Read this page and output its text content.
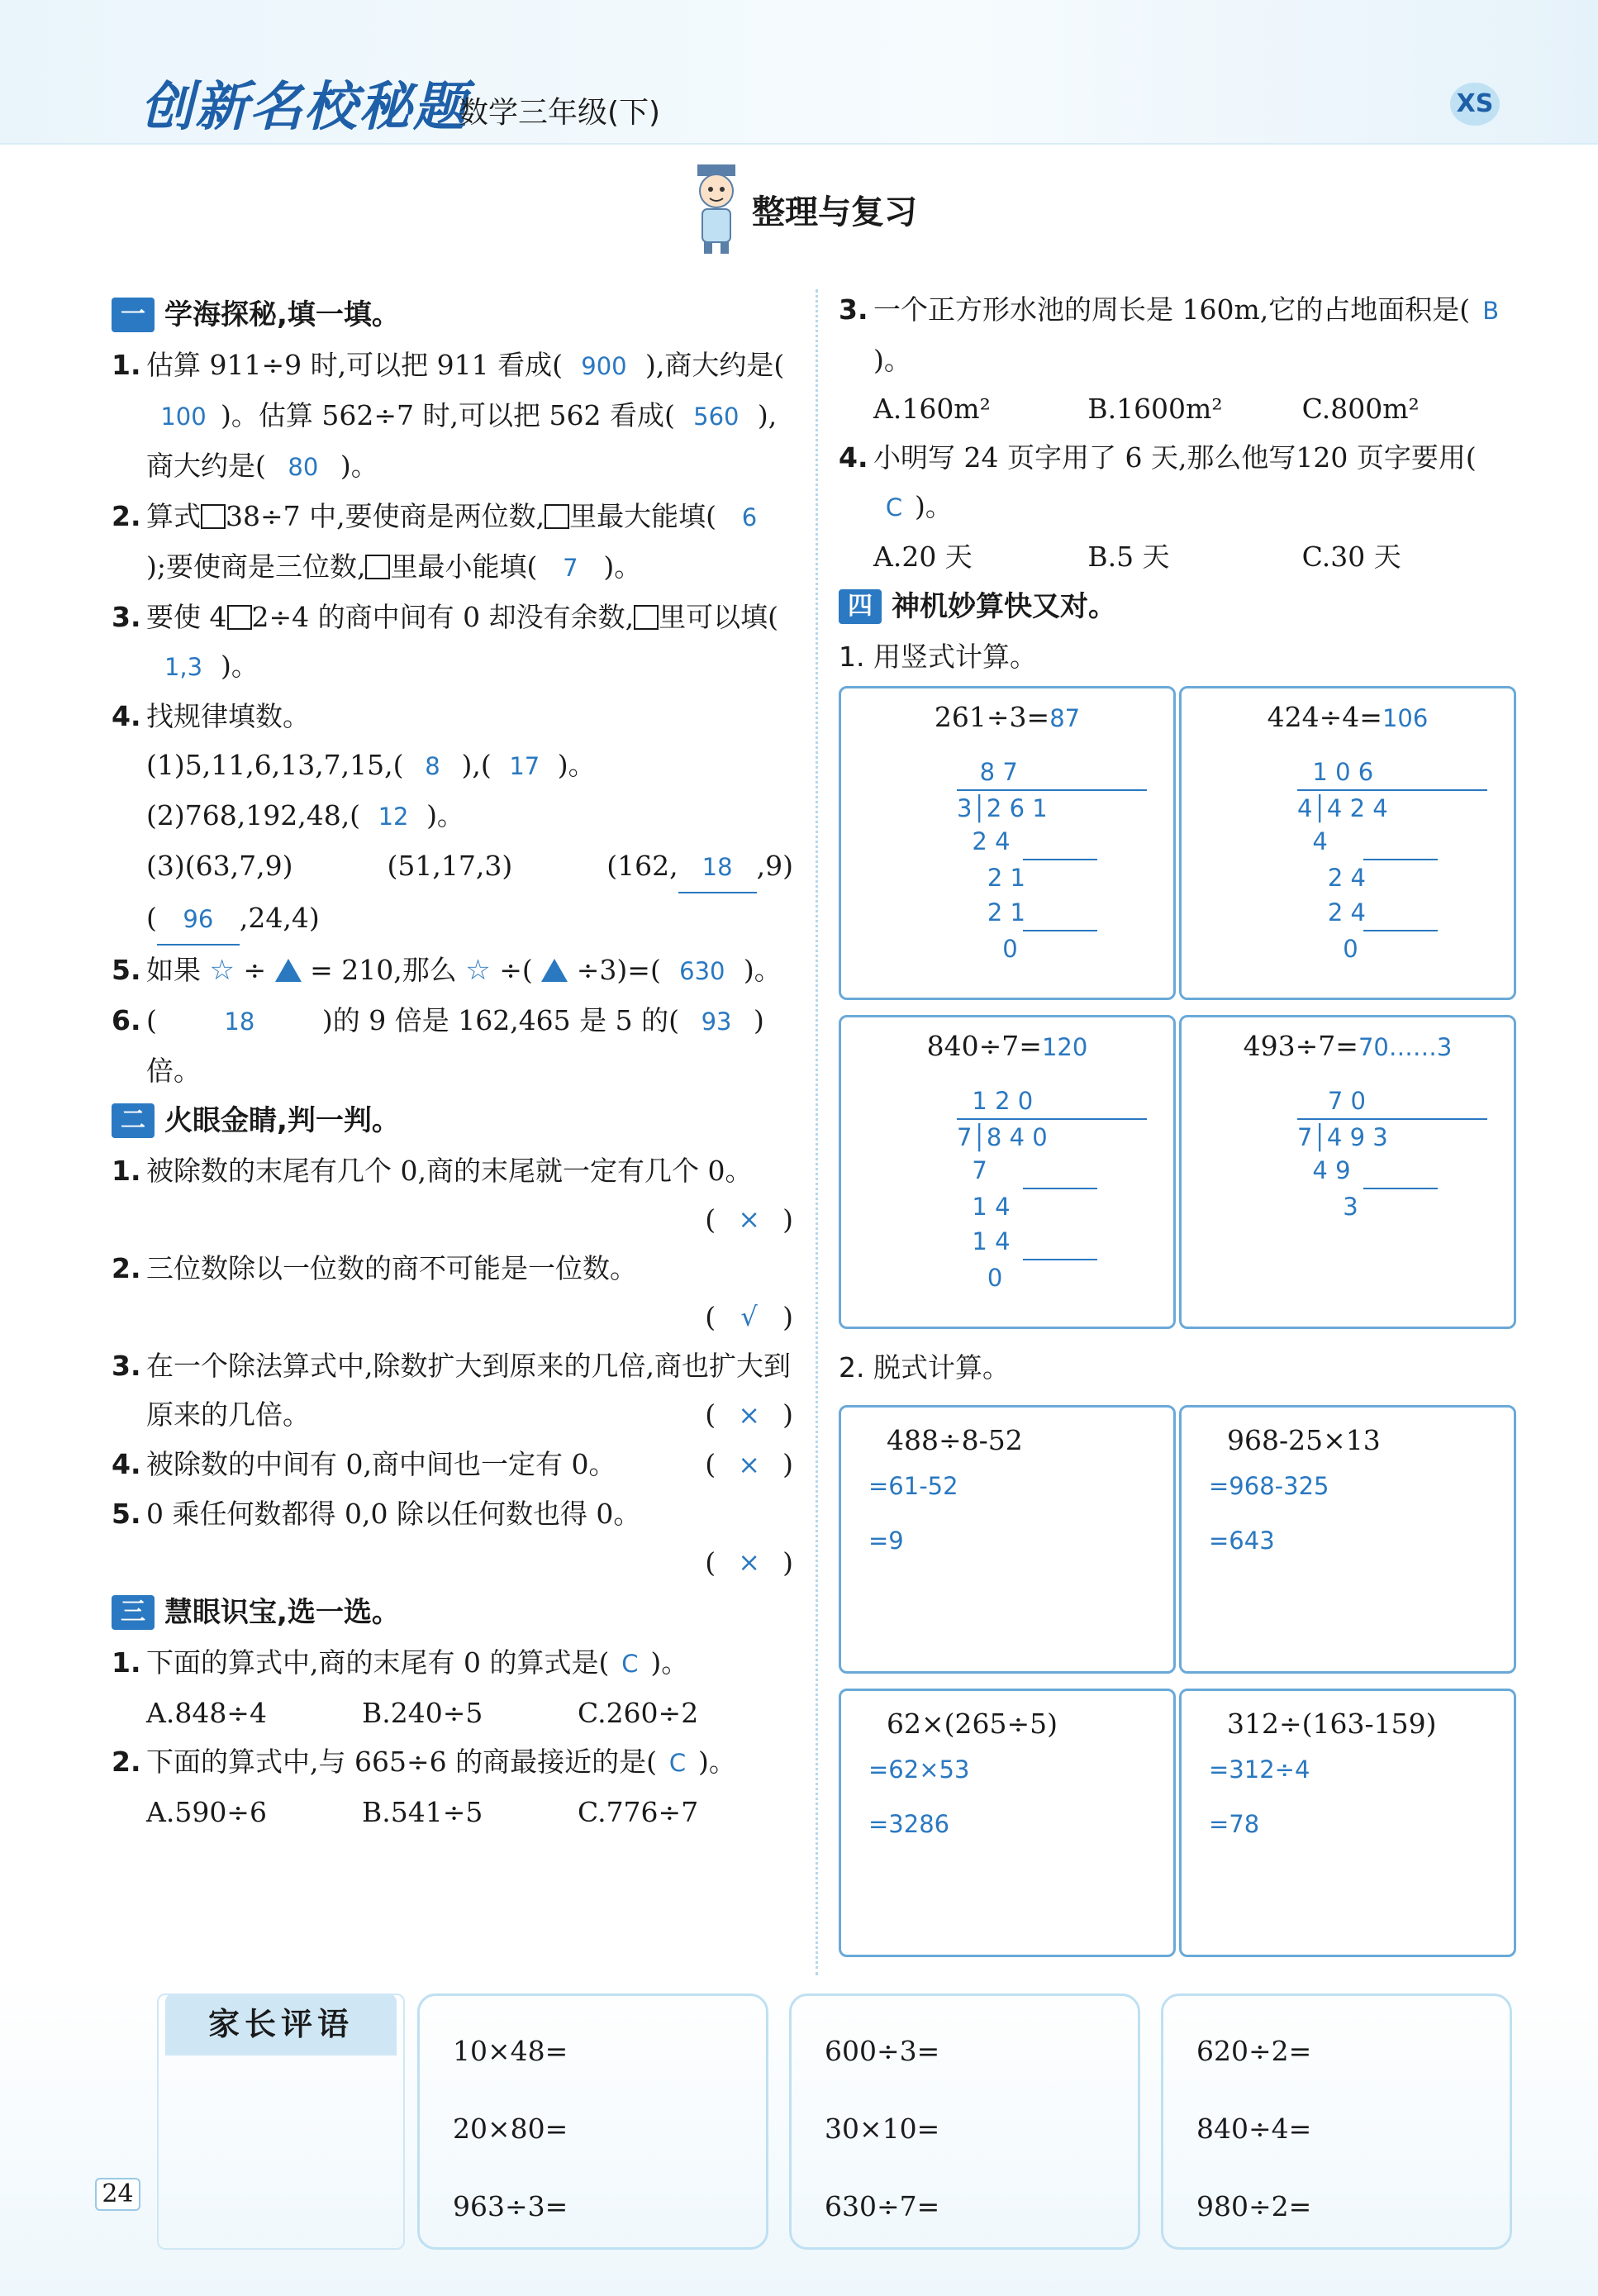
创新名校秘题
数学三年级(下)	XS
整理与复习
一 学海探秘,填一填。
1. 估算 911÷9 时,可以把 911 看成( 900 ),商大约是(100 )。估算 562÷7 时,可以把 562 看成( 560 ),商大约是( 80 )。
2. 算式 38÷7 中,要使商是两位数, 里最大能填( 6);要使商是三位数, 里最小能填( 7 )。
3. 要使 4 2÷4 的商中间有 0 却没有余数, 里可以填(1,3 )。
4. 找规律填数。
(1)5,11,6,13,7,15,( 8 ),( 17 )。
(2)768,192,48,( 12 )。
(3)(63,7,9)	(51,17,3)	(162, 18 ,9)
( 96 ,24,4)
5. 如果 ☆ ÷ = 210,那么 ☆ ÷( ÷3)=( 630 )。
6. (	18 )的 9 倍是 162,465 是 5 的( 93 )倍。
二 火眼金睛,判一判。
1. 被除数的末尾有几个 0,商的末尾就一定有几个 0。
( × )
2. 三位数除以一位数的商不可能是一位数。
( √ )
3. 在一个除法算式中,除数扩大到原来的几倍,商也扩大到原来的几倍。	( × )
4. 被除数的中间有 0,商中间也一定有 0。	( × )
5. 0 乘任何数都得 0,0 除以任何数也得 0。
( × )
三 慧眼识宝,选一选。
1. 下面的算式中,商的末尾有 0 的算式是( C )。
A.848÷4	B.240÷5	C.260÷2
2. 下面的算式中,与 665÷6 的商最接近的是( C )。
A.590÷6	B.541÷5	C.776÷7
3. 一个正方形水池的周长是 160m,它的占地面积是( B)。
A.160m²	B.1600m²	C.800m²
4. 小明写 24 页字用了 6 天,那么他写120 页字要用(C )。
A.20 天	B.5 天	C.30 天
四 神机妙算快又对。
1. 用竖式计算。
261÷3=87
8 7
3│2 6 1
2 4
2 1
2 1
0
424÷4=106
1 0 6
4│4 2 4
4
2 4
2 4
0
840÷7=120
1 2 0
7│8 4 0
7
1 4
1 4
0
493÷7=70……3
7 0
7│4 9 3
4 9
3
2. 脱式计算。
488÷8-52
=61-52
=9
968-25×13
=968-325
=643
62×(265÷5)
=62×53
=3286
312÷(163-159)
=312÷4
=78
家长评语
10×48=
20×80=
963÷3=
600÷3=
30×10=
630÷7=
620÷2=
840÷4=
980÷2=
24
